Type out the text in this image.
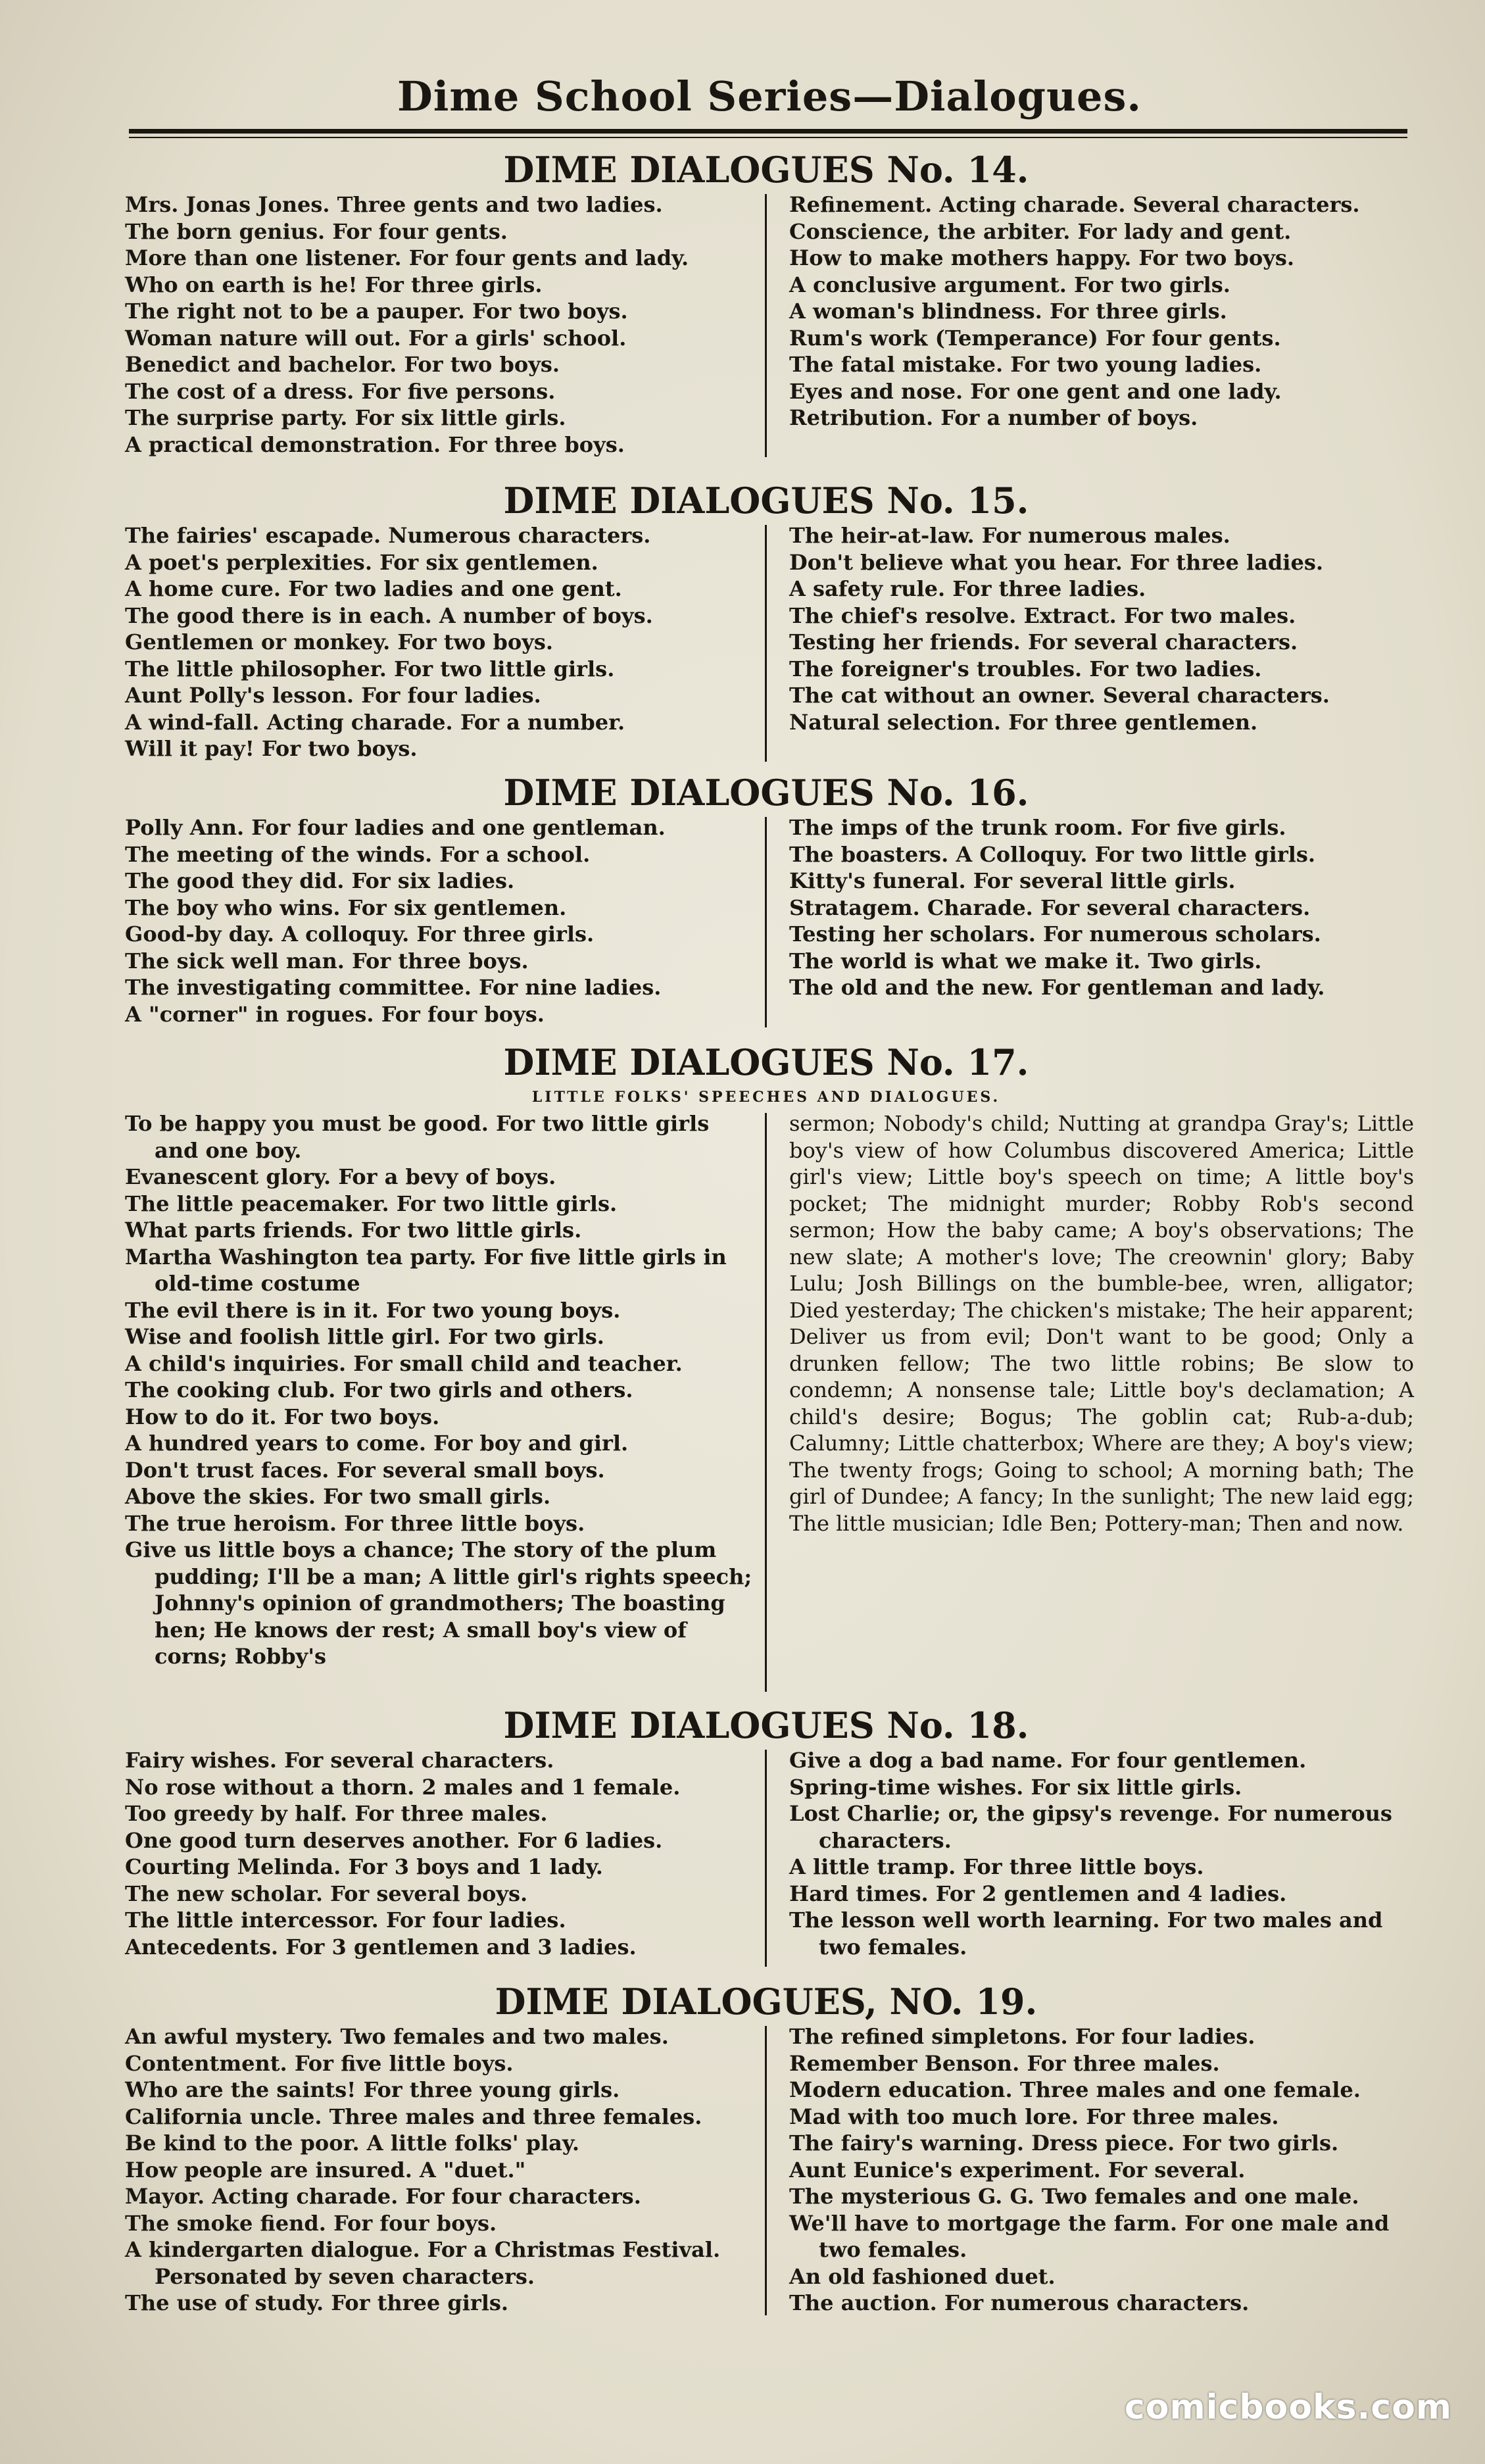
Dime School Series—Dialogues.
DIME DIALOGUES No. 14.
Mrs. Jonas Jones. Three gents and two ladies.
The born genius. For four gents.
More than one listener. For four gents and lady.
Who on earth is he! For three girls.
The right not to be a pauper. For two boys.
Woman nature will out. For a girls' school.
Benedict and bachelor. For two boys.
The cost of a dress. For five persons.
The surprise party. For six little girls.
A practical demonstration. For three boys.
Refinement. Acting charade. Several characters.
Conscience, the arbiter. For lady and gent.
How to make mothers happy. For two boys.
A conclusive argument. For two girls.
A woman's blindness. For three girls.
Rum's work (Temperance) For four gents.
The fatal mistake. For two young ladies.
Eyes and nose. For one gent and one lady.
Retribution. For a number of boys.
DIME DIALOGUES No. 15.
The fairies' escapade. Numerous characters.
A poet's perplexities. For six gentlemen.
A home cure. For two ladies and one gent.
The good there is in each. A number of boys.
Gentlemen or monkey. For two boys.
The little philosopher. For two little girls.
Aunt Polly's lesson. For four ladies.
A wind-fall. Acting charade. For a number.
Will it pay! For two boys.
The heir-at-law. For numerous males.
Don't believe what you hear. For three ladies.
A safety rule. For three ladies.
The chief's resolve. Extract. For two males.
Testing her friends. For several characters.
The foreigner's troubles. For two ladies.
The cat without an owner. Several characters.
Natural selection. For three gentlemen.
DIME DIALOGUES No. 16.
Polly Ann. For four ladies and one gentleman.
The meeting of the winds. For a school.
The good they did. For six ladies.
The boy who wins. For six gentlemen.
Good-by day. A colloquy. For three girls.
The sick well man. For three boys.
The investigating committee. For nine ladies.
A "corner" in rogues. For four boys.
The imps of the trunk room. For five girls.
The boasters. A Colloquy. For two little girls.
Kitty's funeral. For several little girls.
Stratagem. Charade. For several characters.
Testing her scholars. For numerous scholars.
The world is what we make it. Two girls.
The old and the new. For gentleman and lady.
DIME DIALOGUES No. 17.
LITTLE FOLKS' SPEECHES AND DIALOGUES.
To be happy you must be good. For two little girls and one boy.
Evanescent glory. For a bevy of boys.
The little peacemaker. For two little girls.
What parts friends. For two little girls.
Martha Washington tea party. For five little girls in old-time costume
The evil there is in it. For two young boys.
Wise and foolish little girl. For two girls.
A child's inquiries. For small child and teacher.
The cooking club. For two girls and others.
How to do it. For two boys.
A hundred years to come. For boy and girl.
Don't trust faces. For several small boys.
Above the skies. For two small girls.
The true heroism. For three little boys.
Give us little boys a chance; The story of the plum pudding; I'll be a man; A little girl's rights speech; Johnny's opinion of grandmothers; The boasting hen; He knows der rest; A small boy's view of corns; Robby's
sermon; Nobody's child; Nutting at grandpa Gray's; Little boy's view of how Columbus discovered America; Little girl's view; Little boy's speech on time; A little boy's pocket; The midnight murder; Robby Rob's second sermon; How the baby came; A boy's observations; The new slate; A mother's love; The creownin' glory; Baby Lulu; Josh Billings on the bumble-bee, wren, alligator; Died yesterday; The chicken's mistake; The heir apparent; Deliver us from evil; Don't want to be good; Only a drunken fellow; The two little robins; Be slow to condemn; A nonsense tale; Little boy's declamation; A child's desire; Bogus; The goblin cat; Rub-a-dub; Calumny; Little chatterbox; Where are they; A boy's view; The twenty frogs; Going to school; A morning bath; The girl of Dundee; A fancy; In the sunlight; The new laid egg; The little musician; Idle Ben; Pottery-man; Then and now.
DIME DIALOGUES No. 18.
Fairy wishes. For several characters.
No rose without a thorn. 2 males and 1 female.
Too greedy by half. For three males.
One good turn deserves another. For 6 ladies.
Courting Melinda. For 3 boys and 1 lady.
The new scholar. For several boys.
The little intercessor. For four ladies.
Antecedents. For 3 gentlemen and 3 ladies.
Give a dog a bad name. For four gentlemen.
Spring-time wishes. For six little girls.
Lost Charlie; or, the gipsy's revenge. For numerous characters.
A little tramp. For three little boys.
Hard times. For 2 gentlemen and 4 ladies.
The lesson well worth learning. For two males and two females.
DIME DIALOGUES, NO. 19.
An awful mystery. Two females and two males.
Contentment. For five little boys.
Who are the saints! For three young girls.
California uncle. Three males and three females.
Be kind to the poor. A little folks' play.
How people are insured. A "duet."
Mayor. Acting charade. For four characters.
The smoke fiend. For four boys.
A kindergarten dialogue. For a Christmas Festival. Personated by seven characters.
The use of study. For three girls.
The refined simpletons. For four ladies.
Remember Benson. For three males.
Modern education. Three males and one female.
Mad with too much lore. For three males.
The fairy's warning. Dress piece. For two girls.
Aunt Eunice's experiment. For several.
The mysterious G. G. Two females and one male.
We'll have to mortgage the farm. For one male and two females.
An old fashioned duet.
The auction. For numerous characters.
comicbooks.com
